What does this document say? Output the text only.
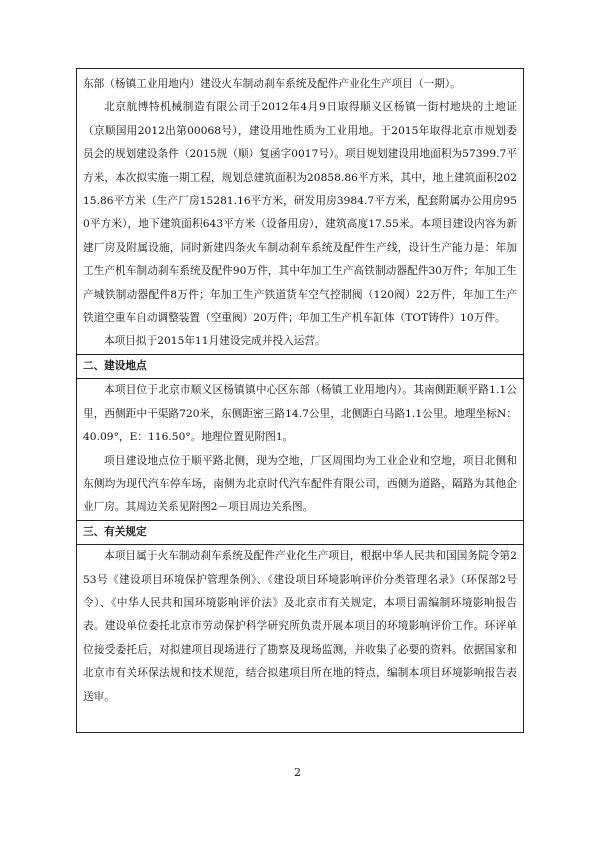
东部（杨镇工业用地内）建设火车制动刹车系统及配件产业化生产项目（一期）。

北京航博特机械制造有限公司于2012年4月9日取得顺义区杨镇一街村地块的土地证（京顺国用2012出第00068号），建设用地性质为工业用地。于2015年取得北京市规划委员会的规划建设条件（2015规（顺）复函字0017号）。项目规划建设用地面积为57399.7平方米，本次拟实施一期工程，规划总建筑面积为20858.86平方米，其中，地上建筑面积20215.86平方米（生产厂房15281.16平方米，研发用房3984.7平方米，配套附属办公用房950平方米），地下建筑面积643平方米（设备用房），建筑高度17.55米。本项目建设内容为新建厂房及附属设施，同时新建四条火车制动刹车系统及配件生产线，设计生产能力是：年加工生产机车制动刹车系统及配件90万件，其中年加工生产高铁制动器配件30万件；年加工生产城铁制动器配件8万件；年加工生产铁道货车空气控制阀（120阀）22万件，年加工生产铁道空重车自动调整装置（空重阀）20万件；年加工生产机车缸体（TOT铸件）10万件。

本项目拟于2015年11月建设完成并投入运营。

二、建设地点

本项目位于北京市顺义区杨镇镇中心区东部（杨镇工业用地内）。其南侧距顺平路1.1公里，西侧距中干渠路720米，东侧距密三路14.7公里，北侧距白马路1.1公里。地理坐标N：40.09°，E：116.50°。地理位置见附图1。

项目建设地点位于顺平路北侧，现为空地，厂区周围均为工业企业和空地，项目北侧和东侧均为现代汽车停车场，南侧为北京时代汽车配件有限公司，西侧为道路，隔路为其他企业厂房。其周边关系见附图2－项目周边关系图。

三、有关规定

本项目属于火车制动刹车系统及配件产业化生产项目，根据中华人民共和国国务院令第253号《建设项目环境保护管理条例》、《建设项目环境影响评价分类管理名录》（环保部2号令）、《中华人民共和国环境影响评价法》及北京市有关规定，本项目需编制环境影响报告表。建设单位委托北京市劳动保护科学研究所负责开展本项目的环境影响评价工作。环评单位接受委托后，对拟建项目现场进行了勘察及现场监测，并收集了必要的资料。依据国家和北京市有关环保法规和技术规范，结合拟建项目所在地的特点，编制本项目环境影响报告表送审。

2
